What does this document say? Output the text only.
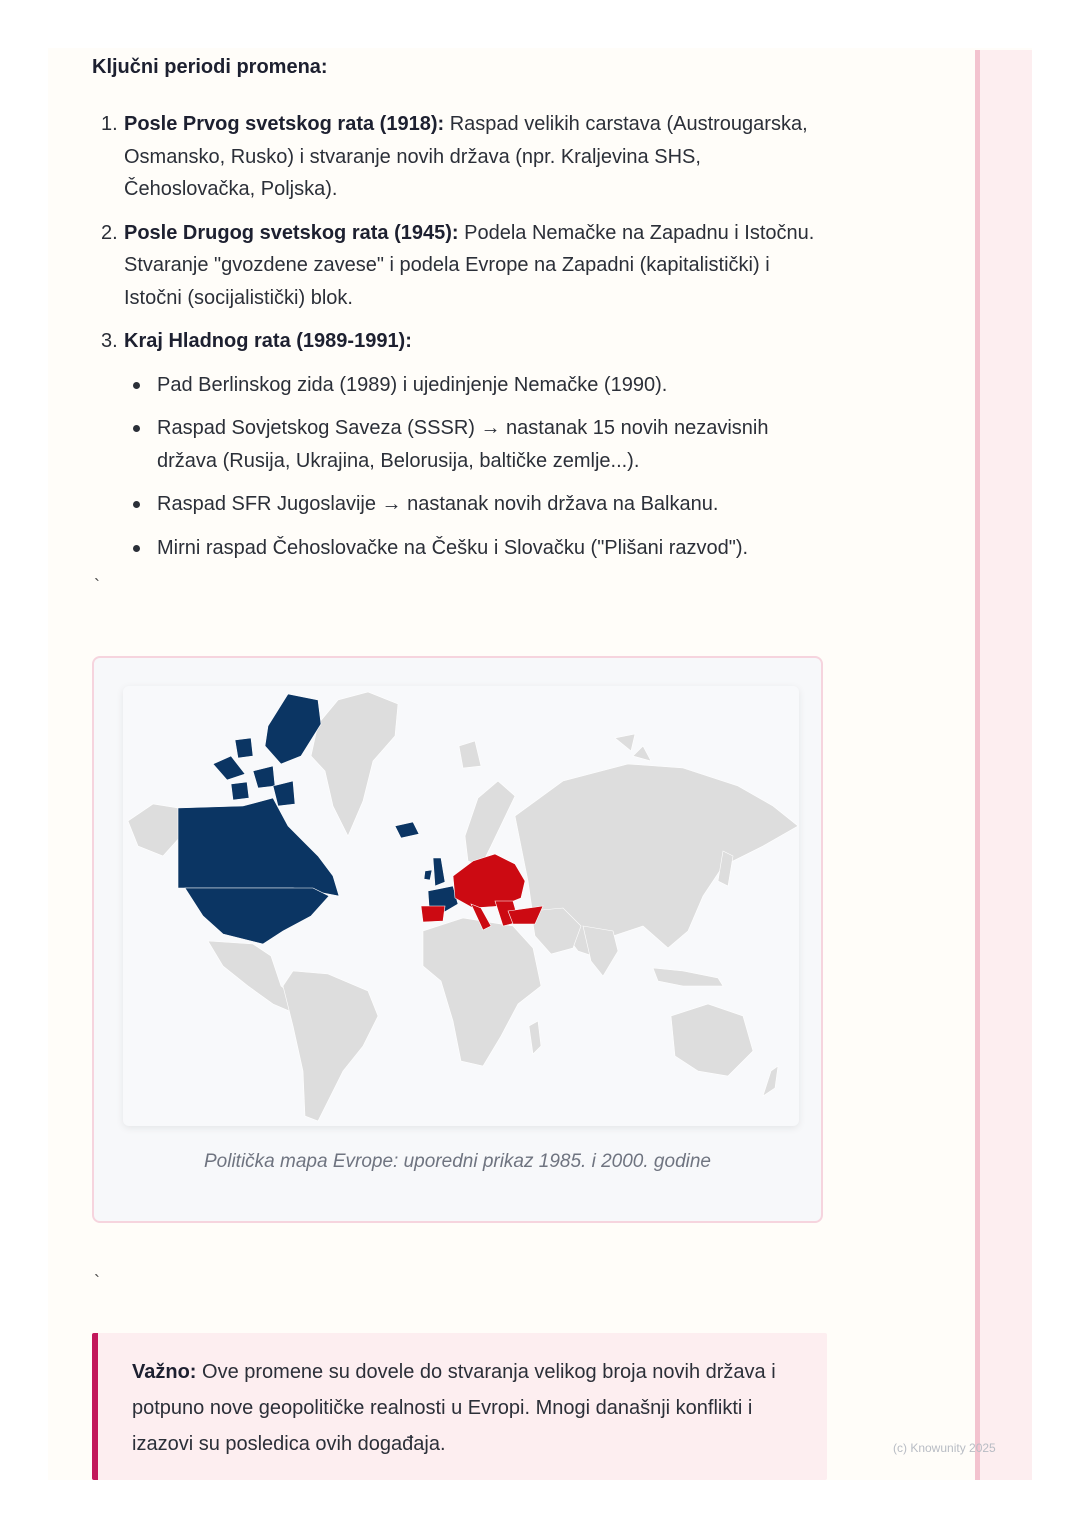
Ključni periodi promena:
1. Posle Prvog svetskog rata (1918): Raspad velikih carstava (Austrougarska, Osmansko, Rusko) i stvaranje novih država (npr. Kraljevina SHS, Čehoslovačka, Poljska).
2. Posle Drugog svetskog rata (1945): Podela Nemačke na Zapadnu i Istočnu. Stvaranje "gvozdene zavese" i podela Evrope na Zapadni (kapitalistički) i Istočni (socijalistički) blok.
3. Kraj Hladnog rata (1989-1991):
Pad Berlinskog zida (1989) i ujedinjenje Nemačke (1990).
Raspad Sovjetskog Saveza (SSSR) → nastanak 15 novih nezavisnih država (Rusija, Ukrajina, Belorusija, baltičke zemlje...).
Raspad SFR Jugoslavije → nastanak novih država na Balkanu.
Mirni raspad Čehoslovačke na Češku i Slovačku ("Plišani razvod").
`
Politička mapa Evrope: uporedni prikaz 1985. i 2000. godine
`

Važno: Ove promene su dovele do stvaranja velikog broja novih država i potpuno nove geopolitičke realnosti u Evropi. Mnogi današnji konflikti i izazovi su posledica ovih događaja.	(c) Knowunity 2025
